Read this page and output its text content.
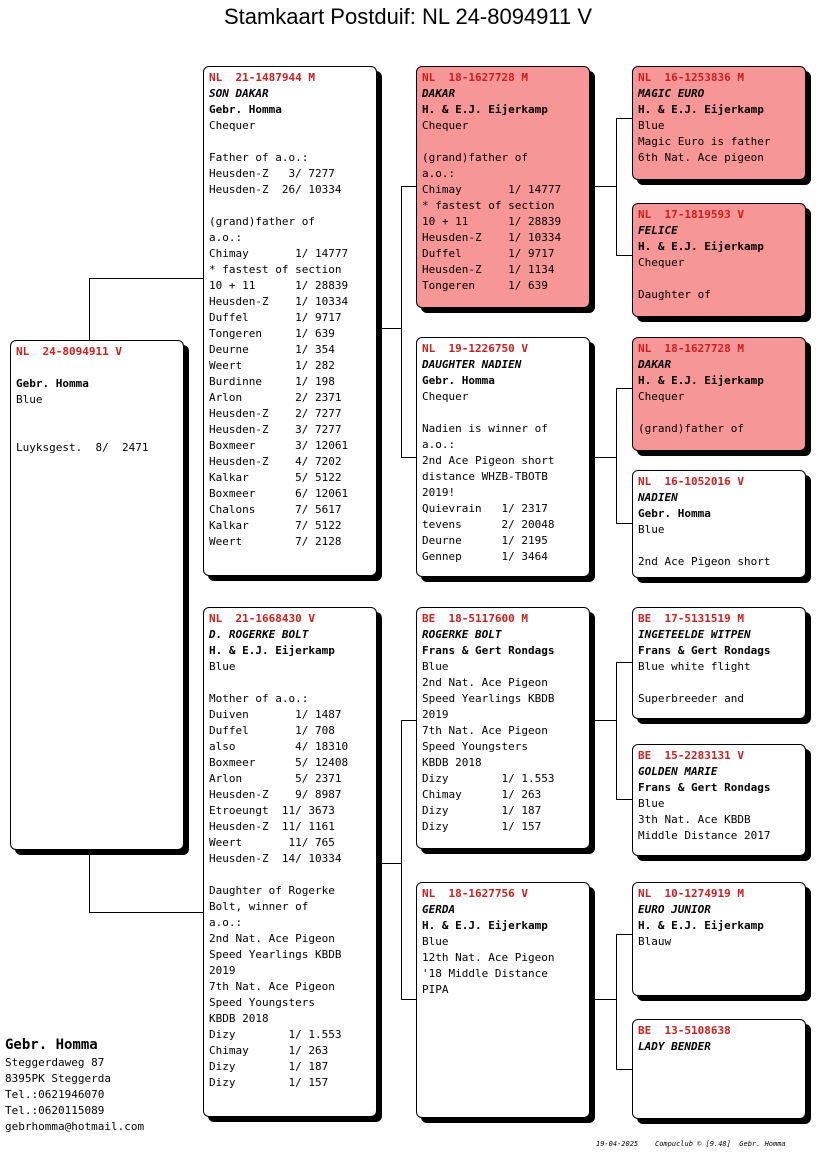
Stamkaart Postduif: NL 24-8094911 V
NL  24-8094911 V

Gebr. Homma
Blue

Luyksgest.  8/  2471
NL  21-1487944 M
SON DAKAR
Gebr. Homma
Chequer

Father of a.o.:
Heusden-Z   3/ 7277
Heusden-Z  26/ 10334

(grand)father of
a.o.:
Chimay       1/ 14777
* fastest of section
10 + 11      1/ 28839
Heusden-Z    1/ 10334
Duffel       1/ 9717
Tongeren     1/ 639
Deurne       1/ 354
Weert        1/ 282
Burdinne     1/ 198
Arlon        2/ 2371
Heusden-Z    2/ 7277
Heusden-Z    3/ 7277
Boxmeer      3/ 12061
Heusden-Z    4/ 7202
Kalkar       5/ 5122
Boxmeer      6/ 12061
Chalons      7/ 5617
Kalkar       7/ 5122
Weert        7/ 2128
NL  21-1668430 V
D. ROGERKE BOLT
H. & E.J. Eijerkamp
Blue

Mother of a.o.:
Duiven       1/ 1487
Duffel       1/ 708
also         4/ 18310
Boxmeer      5/ 12408
Arlon        5/ 2371
Heusden-Z    9/ 8987
Etroeungt  11/ 3673
Heusden-Z  11/ 1161
Weert       11/ 765
Heusden-Z  14/ 10334

Daughter of Rogerke
Bolt, winner of
a.o.:
2nd Nat. Ace Pigeon
Speed Yearlings KBDB
2019
7th Nat. Ace Pigeon
Speed Youngsters
KBDB 2018
Dizy        1/ 1.553
Chimay      1/ 263
Dizy        1/ 187
Dizy        1/ 157
NL  18-1627728 M
DAKAR
H. & E.J. Eijerkamp
Chequer

(grand)father of
a.o.:
Chimay       1/ 14777
* fastest of section
10 + 11      1/ 28839
Heusden-Z    1/ 10334
Duffel       1/ 9717
Heusden-Z    1/ 1134
Tongeren     1/ 639
NL  19-1226750 V
DAUGHTER NADIEN
Gebr. Homma
Chequer

Nadien is winner of
a.o.:
2nd Ace Pigeon short
distance WHZB-TBOTB
2019!
Quievrain   1/ 2317
tevens      2/ 20048
Deurne      1/ 2195
Gennep      1/ 3464
BE  18-5117600 M
ROGERKE BOLT
Frans & Gert Rondags
Blue
2nd Nat. Ace Pigeon
Speed Yearlings KBDB
2019
7th Nat. Ace Pigeon
Speed Youngsters
KBDB 2018
Dizy        1/ 1.553
Chimay      1/ 263
Dizy        1/ 187
Dizy        1/ 157
NL  18-1627756 V
GERDA
H. & E.J. Eijerkamp
Blue
12th Nat. Ace Pigeon
'18 Middle Distance
PIPA
NL  16-1253836 M
MAGIC EURO
H. & E.J. Eijerkamp
Blue
Magic Euro is father
6th Nat. Ace pigeon
NL  17-1819593 V
FELICE
H. & E.J. Eijerkamp
Chequer

Daughter of
NL  18-1627728 M
DAKAR
H. & E.J. Eijerkamp
Chequer

(grand)father of
NL  16-1052016 V
NADIEN
Gebr. Homma
Blue

2nd Ace Pigeon short
BE  17-5131519 M
INGETEELDE WITPEN
Frans & Gert Rondags
Blue white flight

Superbreeder and
BE  15-2283131 V
GOLDEN MARIE
Frans & Gert Rondags
Blue
3th Nat. Ace KBDB
Middle Distance 2017
NL  10-1274919 M
EURO JUNIOR
H. & E.J. Eijerkamp
Blauw
BE  13-5108638
LADY BENDER

Gebr. Homma
Steggerdaweg 87
8395PK Steggerda
Tel.:0621946070
Tel.:0620115089
gebrhomma@hotmail.com
19-04-2025    Compuclub © [9.48]  Gebr. Homma
